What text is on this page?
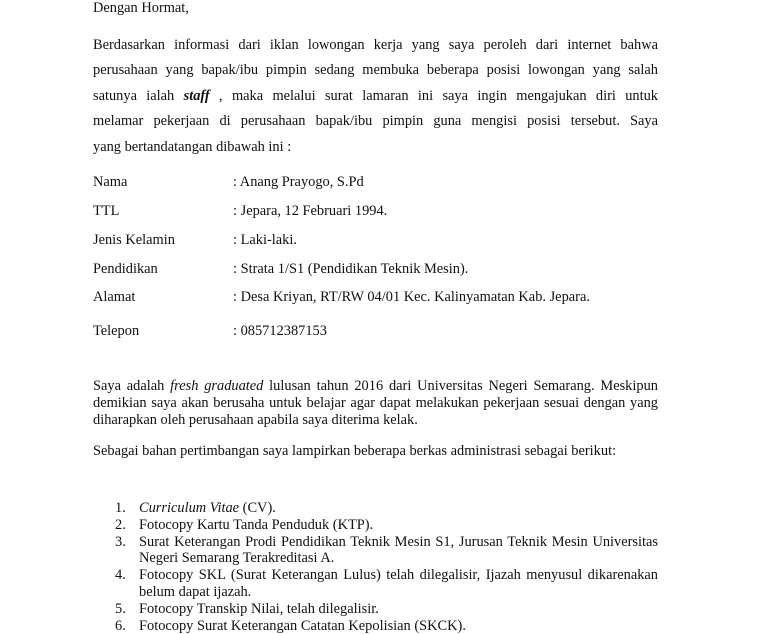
Dengan Hormat,
Berdasarkan informasi dari iklan lowongan kerja yang saya peroleh dari internet bahwa
perusahaan yang bapak/ibu pimpin sedang membuka beberapa posisi lowongan yang salah
satunya ialah staff , maka melalui surat lamaran ini saya ingin mengajukan diri untuk
melamar pekerjaan di perusahaan bapak/ibu pimpin guna mengisi posisi tersebut. Saya
yang bertandatangan dibawah ini :
Nama	: Anang Prayogo, S.Pd
TTL	: Jepara, 12 Februari 1994.
Jenis Kelamin	: Laki-laki.
Pendidikan	: Strata 1/S1 (Pendidikan Teknik Mesin).
Alamat	: Desa Kriyan, RT/RW 04/01 Kec. Kalinyamatan Kab. Jepara.
Telepon	: 085712387153
Saya adalah fresh graduated lulusan tahun 2016 dari Universitas Negeri Semarang. Meskipun demikian saya akan berusaha untuk belajar agar dapat melakukan pekerjaan sesuai dengan yang diharapkan oleh perusahaan apabila saya diterima kelak.
Sebagai bahan pertimbangan saya lampirkan beberapa berkas administrasi sebagai berikut:
1. Curriculum Vitae (CV).
2. Fotocopy Kartu Tanda Penduduk (KTP).
3. Surat Keterangan Prodi Pendidikan Teknik Mesin S1, Jurusan Teknik Mesin Universitas Negeri Semarang Terakreditasi A.
4. Fotocopy SKL (Surat Keterangan Lulus) telah dilegalisir, Ijazah menyusul dikarenakan belum dapat ijazah.
5. Fotocopy Transkip Nilai, telah dilegalisir.
6. Fotocopy Surat Keterangan Catatan Kepolisian (SKCK).
